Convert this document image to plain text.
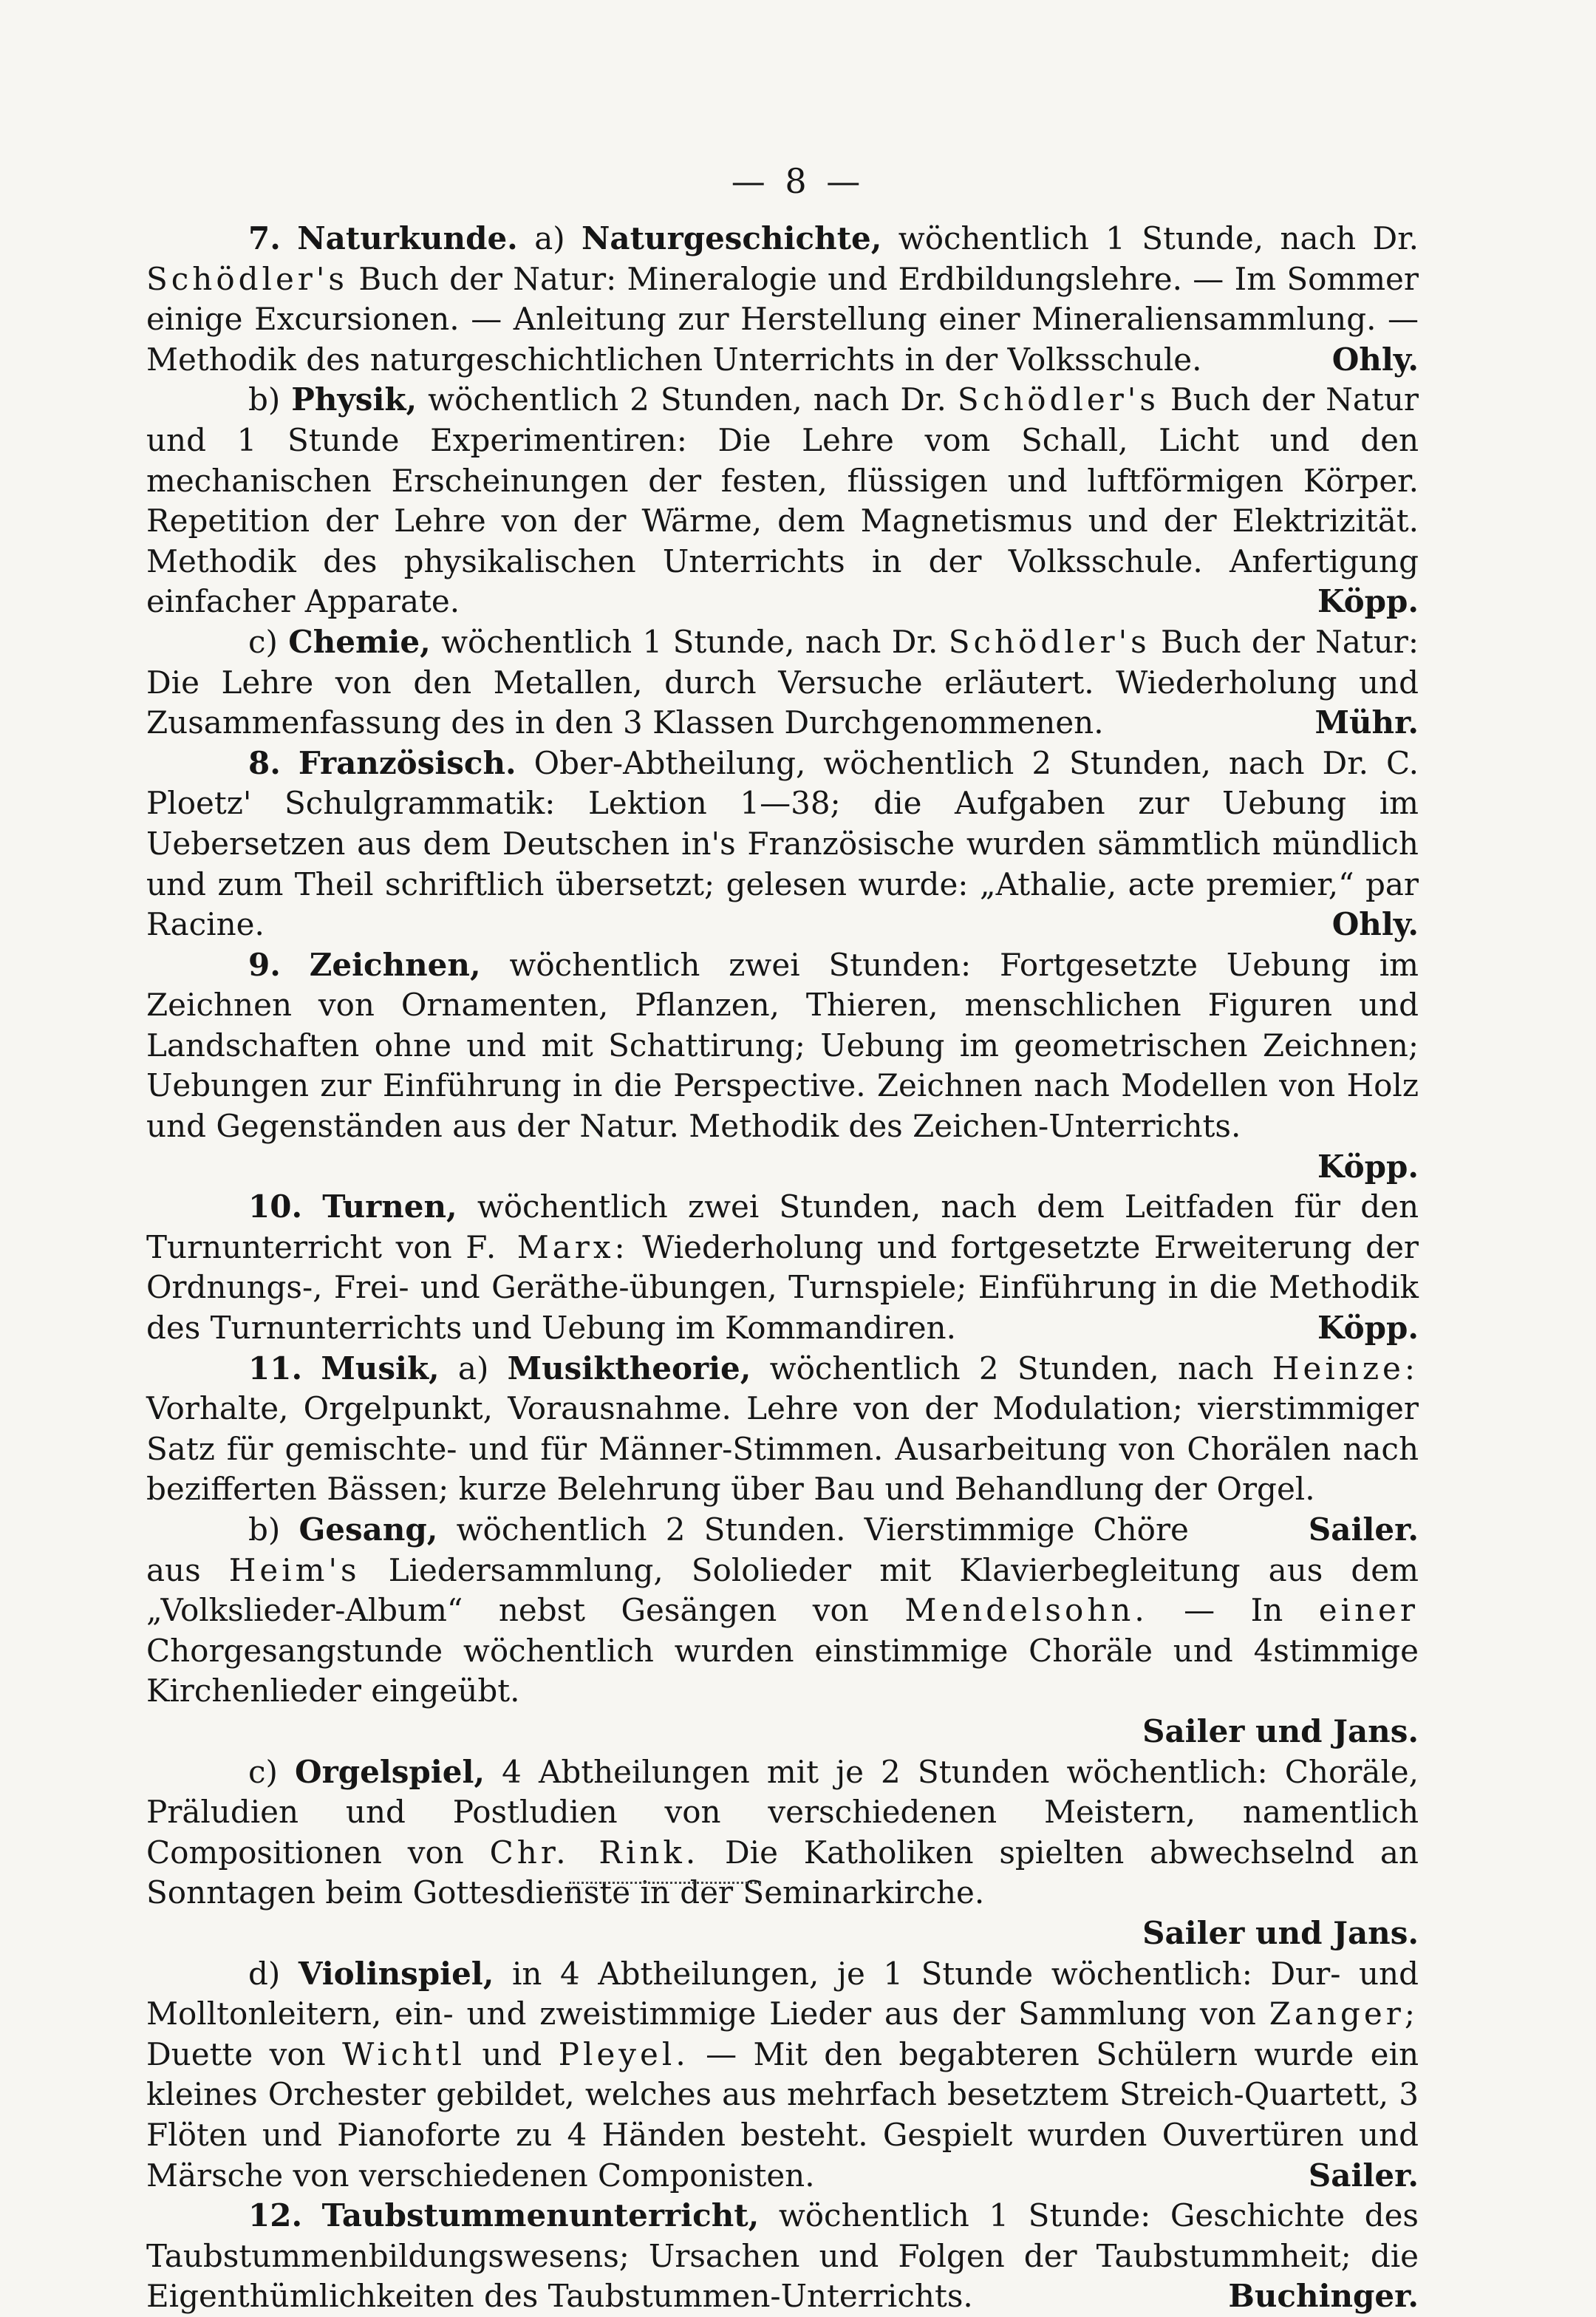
— 8 —

7. Naturkunde. a) Naturgeschichte, wöchentlich 1 Stunde, nach Dr. Schödler's Buch der Natur: Mineralogie und Erdbildungslehre. — Im Sommer einige Excursionen. — Anleitung zur Herstellung einer Mineraliensammlung. — Methodik des naturgeschichtlichen Unterrichts in der Volksschule.	Ohly.

b) Physik, wöchentlich 2 Stunden, nach Dr. Schödler's Buch der Natur und 1 Stunde Experimentiren: Die Lehre vom Schall, Licht und den mechanischen Erscheinungen der festen, flüssigen und luftförmigen Körper. Repetition der Lehre von der Wärme, dem Magnetismus und der Elektrizität. Methodik des physikalischen Unterrichts in der Volksschule. Anfertigung einfacher Apparate.	Köpp.

c) Chemie, wöchentlich 1 Stunde, nach Dr. Schödler's Buch der Natur: Die Lehre von den Metallen, durch Versuche erläutert. Wiederholung und Zusammenfassung des in den 3 Klassen Durchgenommenen.	Mühr.

8. Französisch. Ober-Abtheilung, wöchentlich 2 Stunden, nach Dr. C. Ploetz' Schulgrammatik: Lektion 1—38; die Aufgaben zur Uebung im Uebersetzen aus dem Deutschen in's Französische wurden sämmtlich mündlich und zum Theil schriftlich übersetzt; gelesen wurde: „Athalie, acte premier,“ par Racine.	Ohly.

9. Zeichnen, wöchentlich zwei Stunden: Fortgesetzte Uebung im Zeichnen von Ornamenten, Pflanzen, Thieren, menschlichen Figuren und Landschaften ohne und mit Schattirung; Uebung im geometrischen Zeichnen; Uebungen zur Einführung in die Perspective. Zeichnen nach Modellen von Holz und Gegenständen aus der Natur. Methodik des Zeichen-Unterrichts.
Köpp.

10. Turnen, wöchentlich zwei Stunden, nach dem Leitfaden für den Turnunterricht von F. Marx: Wiederholung und fortgesetzte Erweiterung der Ordnungs-, Frei- und Geräthe-übungen, Turnspiele; Einführung in die Methodik des Turnunterrichts und Uebung im Kommandiren.	Köpp.

11. Musik, a) Musiktheorie, wöchentlich 2 Stunden, nach Heinze: Vorhalte, Orgelpunkt, Vorausnahme. Lehre von der Modulation; vierstimmiger Satz für gemischte- und für Männer-Stimmen. Ausarbeitung von Chorälen nach bezifferten Bässen; kurze Belehrung über Bau und Behandlung der Orgel.
Sailer.

b) Gesang, wöchentlich 2 Stunden. Vierstimmige Chöre aus Heim's Liedersammlung, Sololieder mit Klavierbegleitung aus dem „Volkslieder-Album“ nebst Gesängen von Mendelsohn. — In einer Chorgesangstunde wöchentlich wurden einstimmige Choräle und 4stimmige Kirchenlieder eingeübt.
Sailer und Jans.

c) Orgelspiel, 4 Abtheilungen mit je 2 Stunden wöchentlich: Choräle, Präludien und Postludien von verschiedenen Meistern, namentlich Compositionen von Chr. Rink. Die Katholiken spielten abwechselnd an Sonntagen beim Gottesdienste in der Seminarkirche.
Sailer und Jans.

d) Violinspiel, in 4 Abtheilungen, je 1 Stunde wöchentlich: Dur- und Molltonleitern, ein- und zweistimmige Lieder aus der Sammlung von Zanger; Duette von Wichtl und Pleyel. — Mit den begabteren Schülern wurde ein kleines Orchester gebildet, welches aus mehrfach besetztem Streich-Quartett, 3 Flöten und Pianoforte zu 4 Händen besteht. Gespielt wurden Ouvertüren und Märsche von verschiedenen Componisten.	Sailer.

12. Taubstummenunterricht, wöchentlich 1 Stunde: Geschichte des Taubstummenbildungswesens; Ursachen und Folgen der Taubstummheit; die Eigenthümlichkeiten des Taubstummen-Unterrichts.	Buchinger.
